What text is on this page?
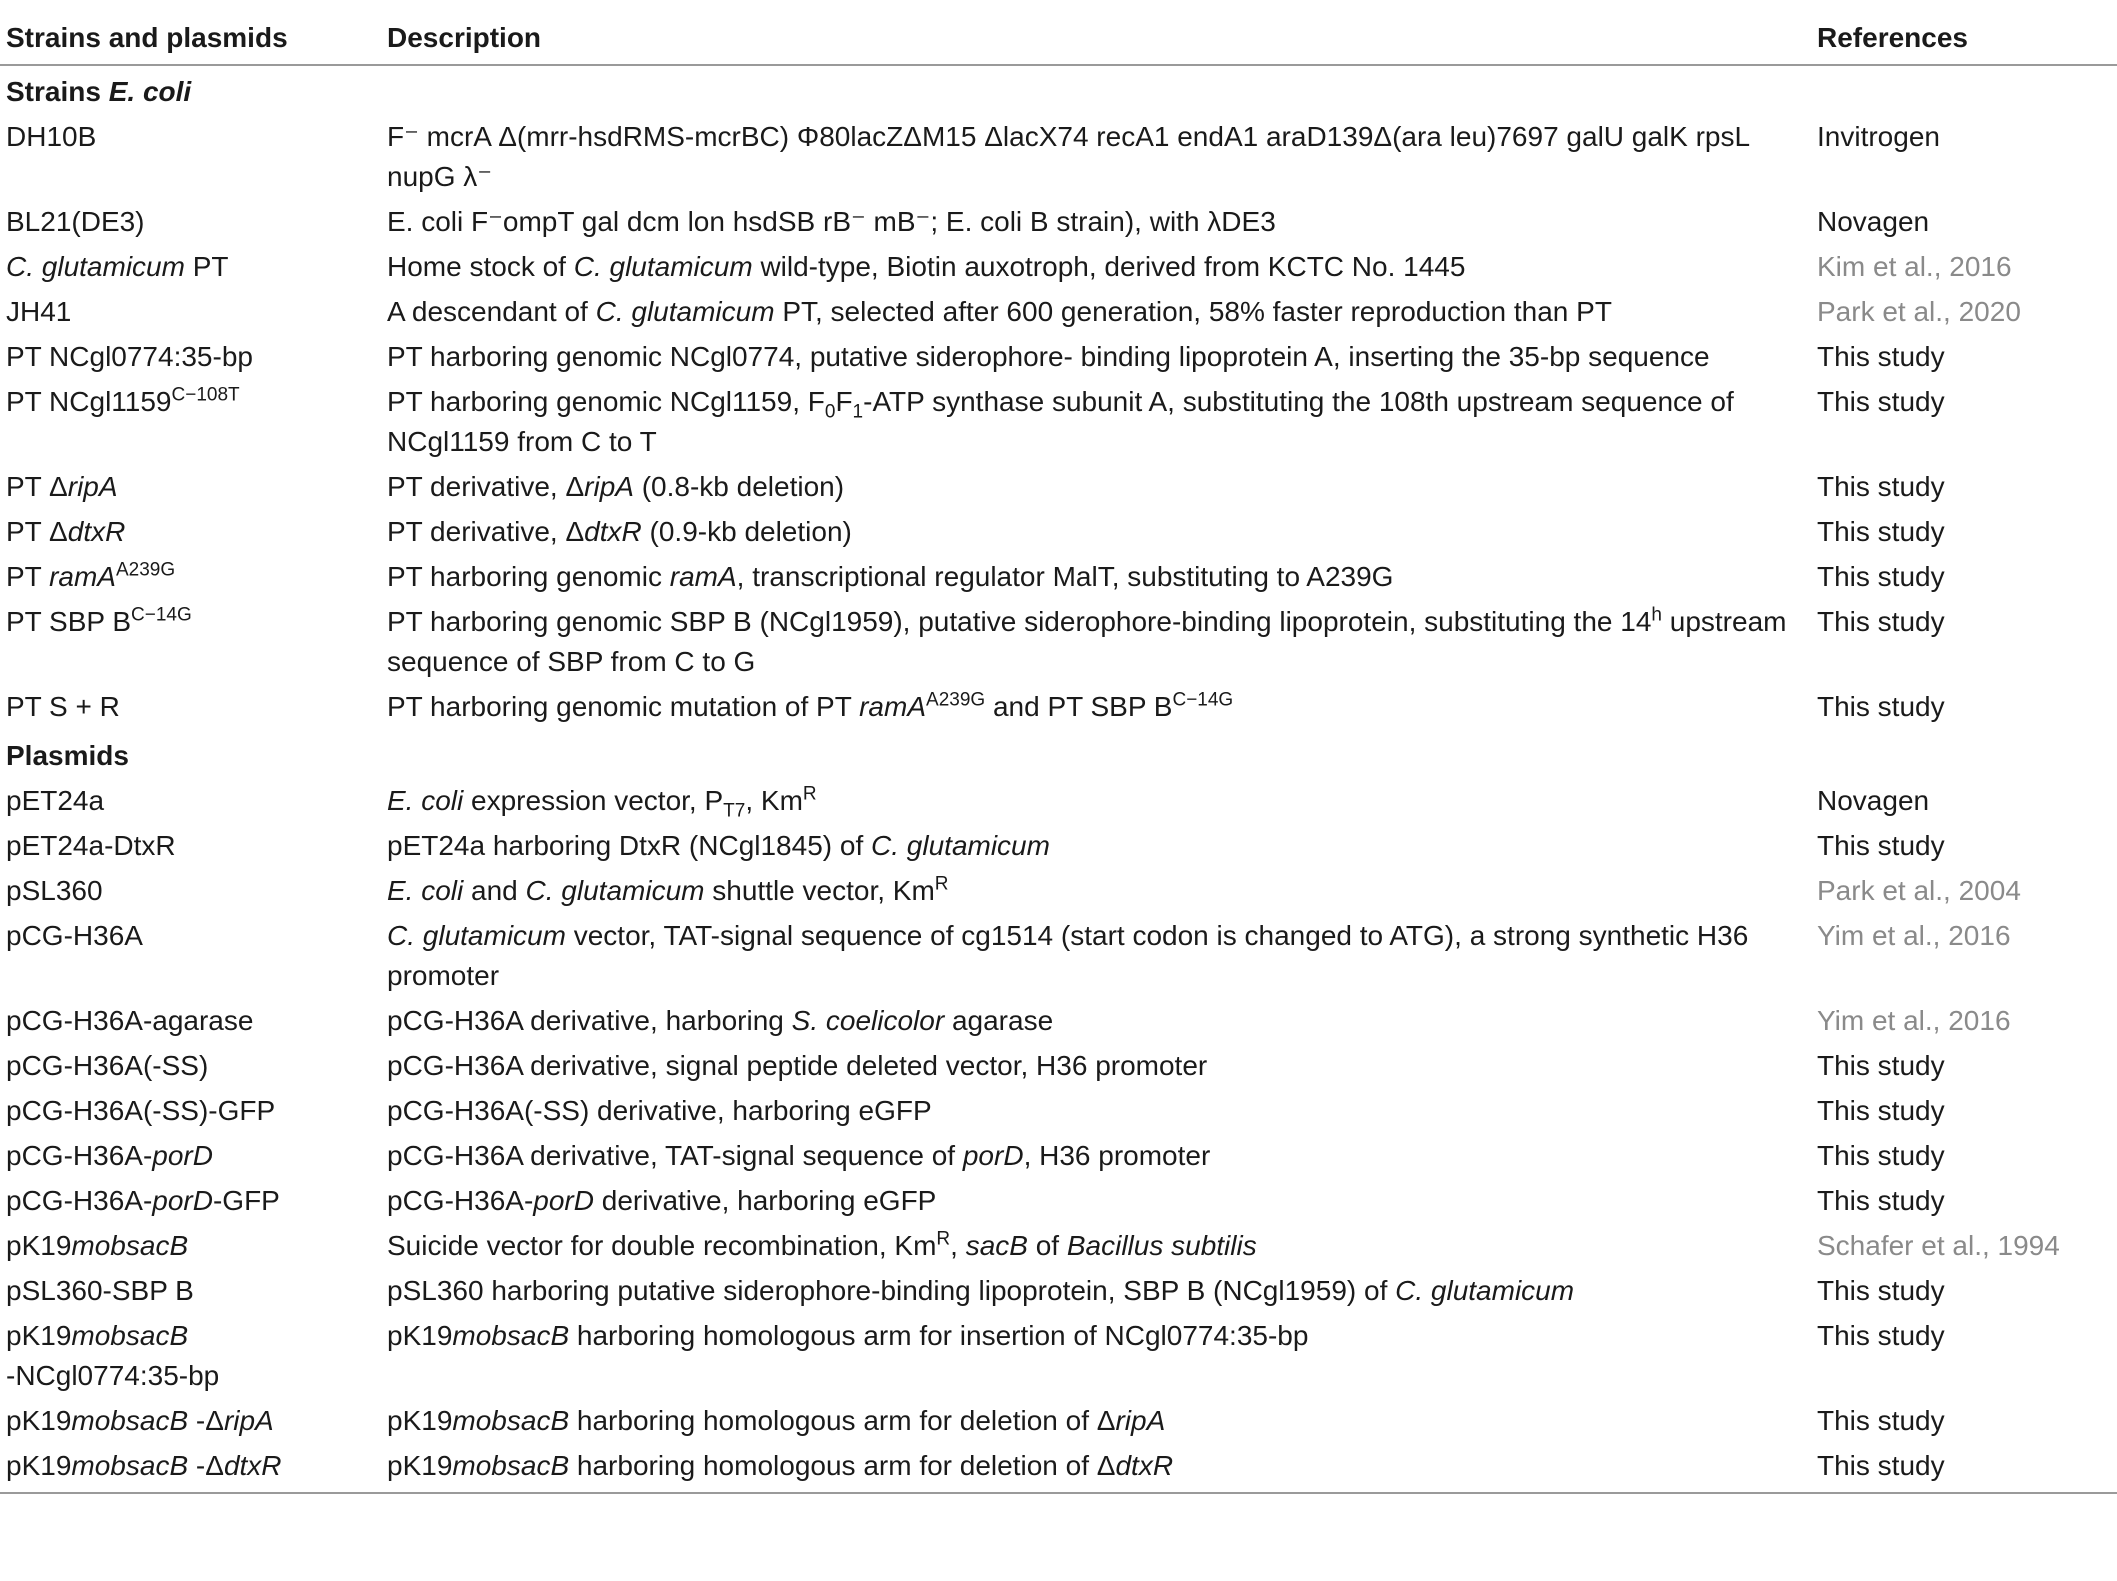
Strains and plasmids	Description	References
Strains E. coli		
DH10B	F⁻ mcrA Δ(mrr-hsdRMS-mcrBC) Φ80lacZΔM15 ΔlacX74 recA1 endA1 araD139Δ(ara leu)7697 galU galK rpsL nupG λ⁻	Invitrogen
BL21(DE3)	E. coli F⁻ompT gal dcm lon hsdSB rB⁻ mB⁻; E. coli B strain), with λDE3	Novagen
C. glutamicum PT	Home stock of C. glutamicum wild-type, Biotin auxotroph, derived from KCTC No. 1445	Kim et al., 2016
JH41	A descendant of C. glutamicum PT, selected after 600 generation, 58% faster reproduction than PT	Park et al., 2020
PT NCgl0774:35-bp	PT harboring genomic NCgl0774, putative siderophore- binding lipoprotein A, inserting the 35-bp sequence	This study
PT $NCgl1159^{C-108T}$	PT harboring genomic NCgl1159, $F_0F_1$-ATP synthase subunit A, substituting the 108th upstream sequence of NCgl1159 from C to T	This study
PT ΔripA	PT derivative, ΔripA (0.8-kb deletion)	This study
PT ΔdtxR	PT derivative, ΔdtxR (0.9-kb deletion)	This study
PT ramA$^{A239G}$	PT harboring genomic ramA, transcriptional regulator MalT, substituting to A239G	This study
PT SBP $B^{C-14G}$	PT harboring genomic SBP B (NCgl1959), putative siderophore-binding lipoprotein, substituting the 14$^h$ upstream sequence of SBP from C to G	This study
PT S + R	PT harboring genomic mutation of PT ramA$^{A239G}$ and PT SBP $B^{C-14G}$	This study
Plasmids		
pET24a	E. coli expression vector, $P_{T7}$, $Km^R$	Novagen
pET24a-DtxR	pET24a harboring DtxR (NCgl1845) of C. glutamicum	This study
pSL360	E. coli and C. glutamicum shuttle vector, $Km^R$	Park et al., 2004
pCG-H36A	C. glutamicum vector, TAT-signal sequence of cg1514 (start codon is changed to ATG), a strong synthetic H36 promoter	Yim et al., 2016
pCG-H36A-agarase	pCG-H36A derivative, harboring S. coelicolor agarase	Yim et al., 2016
pCG-H36A(-SS)	pCG-H36A derivative, signal peptide deleted vector, H36 promoter	This study
pCG-H36A(-SS)-GFP	pCG-H36A(-SS) derivative, harboring eGFP	This study
pCG-H36A-porD	pCG-H36A derivative, TAT-signal sequence of porD, H36 promoter	This study
pCG-H36A-porD-GFP	pCG-H36A-porD derivative, harboring eGFP	This study
pK19mobsacB	Suicide vector for double recombination, $Km^R$, sacB of Bacillus subtilis	Schafer et al., 1994
pSL360-SBP B	pSL360 harboring putative siderophore-binding lipoprotein, SBP B (NCgl1959) of C. glutamicum	This study
pK19mobsacB
-NCgl0774:35-bp	pK19mobsacB harboring homologous arm for insertion of NCgl0774:35-bp	This study
pK19mobsacB -ΔripA	pK19mobsacB harboring homologous arm for deletion of ΔripA	This study
pK19mobsacB -ΔdtxR	pK19mobsacB harboring homologous arm for deletion of ΔdtxR	This study
